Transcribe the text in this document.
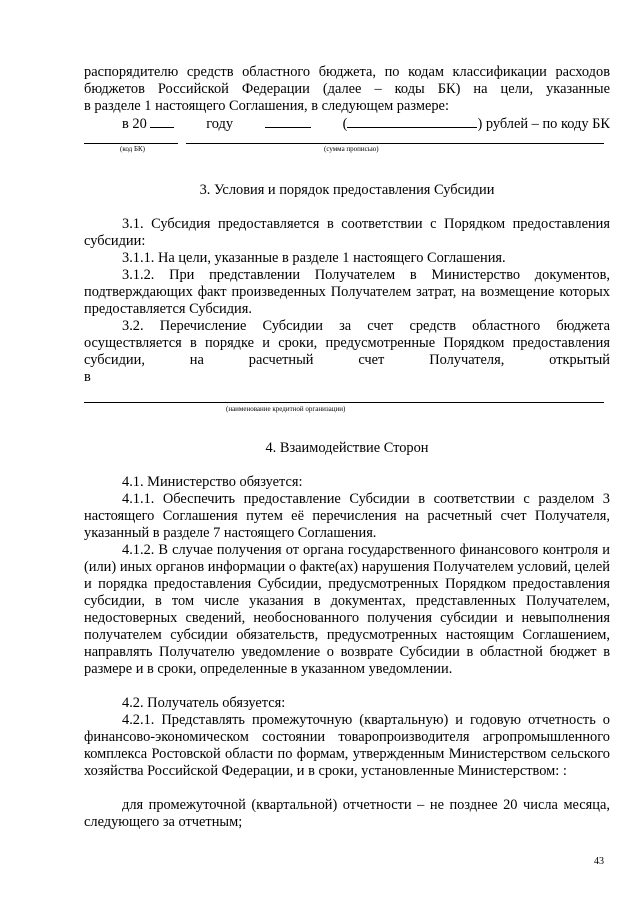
распорядителю средств областного бюджета, по кодам классификации расходов

бюджетов Российской Федерации (далее – коды БК) на цели, указанные

в разделе 1 настоящего Соглашения, в следующем размере:

в 20	году	(	) рублей – по коду БК
(код БК)	(сумма прописью)

3. Условия и порядок предоставления Субсидии

3.1. Субсидия предоставляется в соответствии с Порядком предоставления субсидии:

3.1.1. На цели, указанные в разделе 1 настоящего Соглашения.

3.1.2. При представлении Получателем в Министерство документов, подтверждающих факт произведенных Получателем затрат, на возмещение которых предоставляется Субсидия.

3.2. Перечисление Субсидии за счет средств областного бюджета осуществляется в порядке и сроки, предусмотренные Порядком предоставления субсидии, на расчетный счет Получателя, открытый

в

(наименование кредитной организации)

4. Взаимодействие Сторон

4.1. Министерство обязуется:

4.1.1. Обеспечить предоставление Субсидии в соответствии с разделом 3 настоящего Соглашения путем её перечисления на расчетный счет Получателя, указанный в разделе 7 настоящего Соглашения.

4.1.2. В случае получения от органа государственного финансового контроля и (или) иных органов информации о факте(ах) нарушения Получателем условий, целей и порядка предоставления Субсидии, предусмотренных Порядком предоставления субсидии, в том числе указания в документах, представленных Получателем, недостоверных сведений, необоснованного получения субсидии и невыполнения получателем субсидии обязательств, предусмотренных настоящим Соглашением, направлять Получателю уведомление о возврате Субсидии в областной бюджет в размере и в сроки, определенные в указанном уведомлении.

4.2. Получатель обязуется:

4.2.1. Представлять промежуточную (квартальную) и годовую отчетность о финансово-экономическом состоянии товаропроизводителя агропромышленного комплекса Ростовской области по формам, утвержденным Министерством сельского хозяйства Российской Федерации, и в сроки, установленные Министерством: :

для промежуточной (квартальной) отчетности – не позднее 20 числа месяца, следующего за отчетным;

43
